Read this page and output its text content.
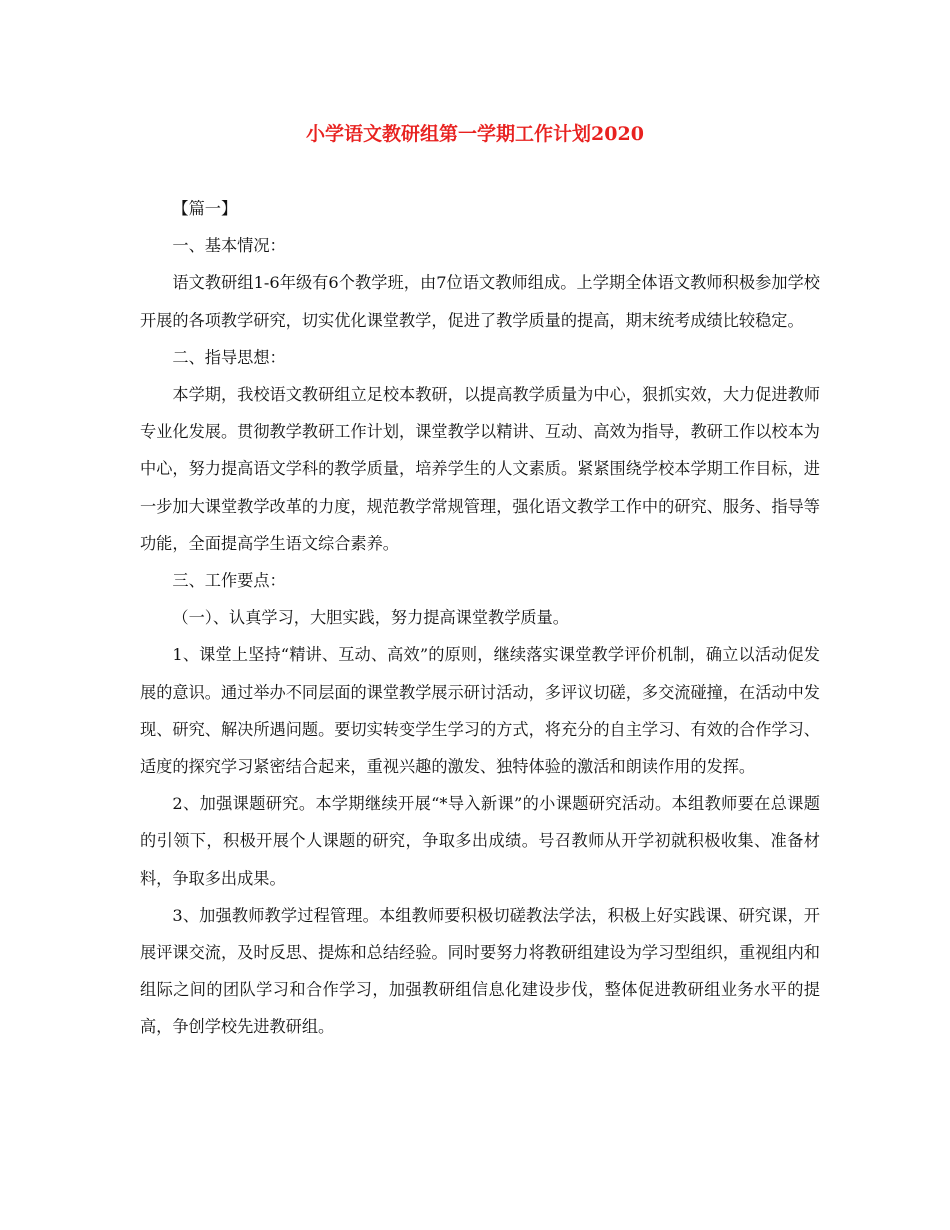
小学语文教研组第一学期工作计划2020

【篇一】

一、基本情况：

语文教研组1-6年级有6个教学班，由7位语文教师组成。上学期全体语文教师积极参加学校开展的各项教学研究，切实优化课堂教学，促进了教学质量的提高，期末统考成绩比较稳定。

二、指导思想：

本学期，我校语文教研组立足校本教研，以提高教学质量为中心，狠抓实效，大力促进教师专业化发展。贯彻教学教研工作计划，课堂教学以精讲、互动、高效为指导，教研工作以校本为中心，努力提高语文学科的教学质量，培养学生的人文素质。紧紧围绕学校本学期工作目标，进一步加大课堂教学改革的力度，规范教学常规管理，强化语文教学工作中的研究、服务、指导等功能，全面提高学生语文综合素养。

三、工作要点：

（一）、认真学习，大胆实践，努力提高课堂教学质量。

1、课堂上坚持“精讲、互动、高效”的原则，继续落实课堂教学评价机制，确立以活动促发展的意识。通过举办不同层面的课堂教学展示研讨活动，多评议切磋，多交流碰撞，在活动中发现、研究、解决所遇问题。要切实转变学生学习的方式，将充分的自主学习、有效的合作学习、适度的探究学习紧密结合起来，重视兴趣的激发、独特体验的激活和朗读作用的发挥。

2、加强课题研究。本学期继续开展“*导入新课”的小课题研究活动。本组教师要在总课题的引领下，积极开展个人课题的研究，争取多出成绩。号召教师从开学初就积极收集、准备材料，争取多出成果。

3、加强教师教学过程管理。本组教师要积极切磋教法学法，积极上好实践课、研究课，开展评课交流，及时反思、提炼和总结经验。同时要努力将教研组建设为学习型组织，重视组内和组际之间的团队学习和合作学习，加强教研组信息化建设步伐，整体促进教研组业务水平的提高，争创学校先进教研组。
